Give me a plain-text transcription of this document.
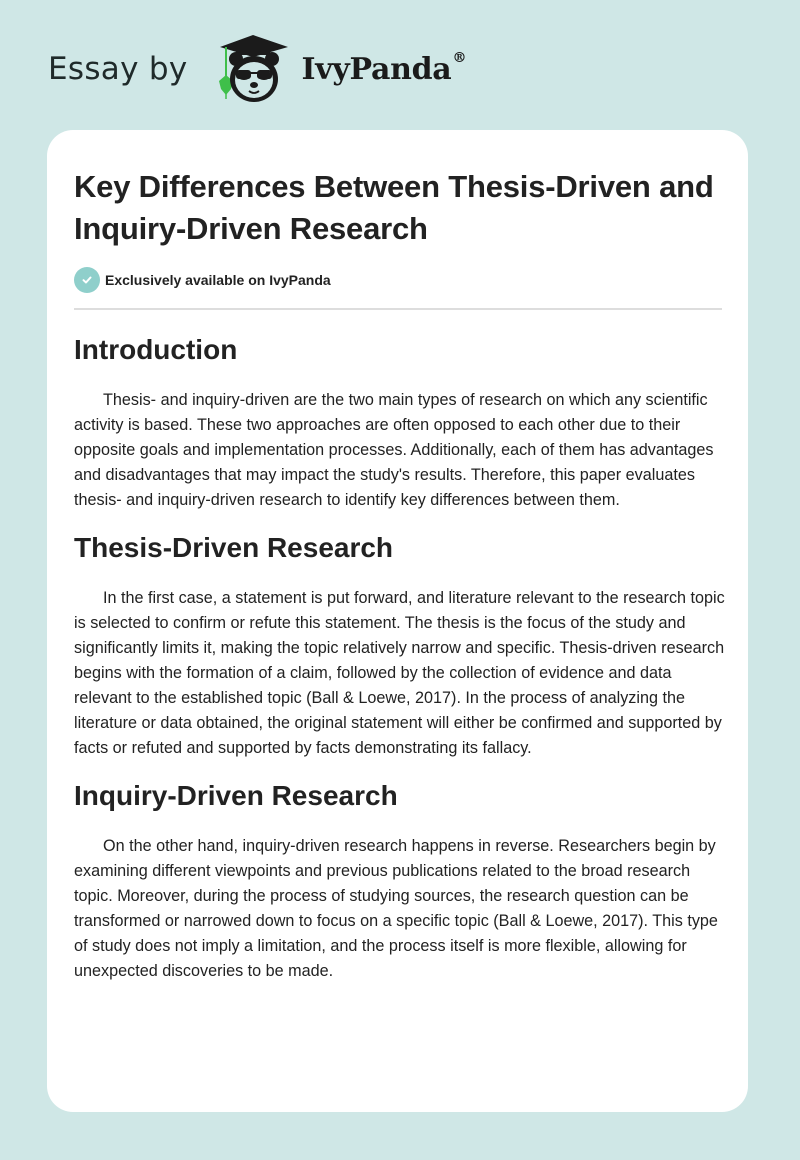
Essay by	IvyPanda®
Key Differences Between Thesis-Driven and Inquiry-Driven Research
Exclusively available on IvyPanda
Introduction

Thesis- and inquiry-driven are the two main types of research on which any scientific activity is based. These two approaches are often opposed to each other due to their opposite goals and implementation processes. Additionally, each of them has advantages and disadvantages that may impact the study's results. Therefore, this paper evaluates thesis- and inquiry-driven research to identify key differences between them.

Thesis-Driven Research

In the first case, a statement is put forward, and literature relevant to the research topic is selected to confirm or refute this statement. The thesis is the focus of the study and significantly limits it, making the topic relatively narrow and specific. Thesis-driven research begins with the formation of a claim, followed by the collection of evidence and data relevant to the established topic (Ball & Loewe, 2017). In the process of analyzing the literature or data obtained, the original statement will either be confirmed and supported by facts or refuted and supported by facts demonstrating its fallacy.

Inquiry-Driven Research

On the other hand, inquiry-driven research happens in reverse. Researchers begin by examining different viewpoints and previous publications related to the broad research topic. Moreover, during the process of studying sources, the research question can be transformed or narrowed down to focus on a specific topic (Ball & Loewe, 2017). This type of study does not imply a limitation, and the process itself is more flexible, allowing for unexpected discoveries to be made.
